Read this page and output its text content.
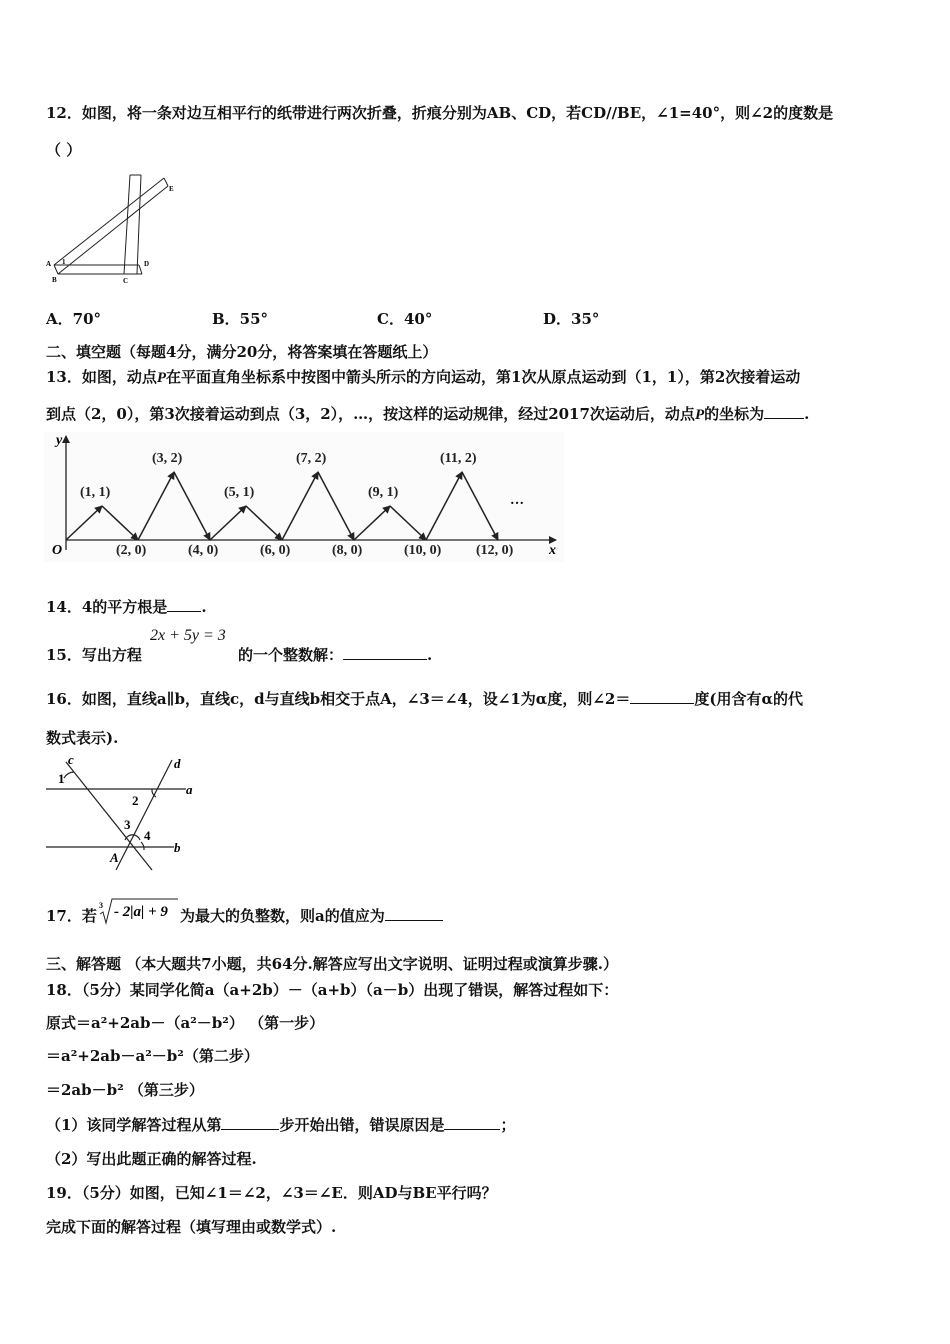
12．如图，将一条对边互相平行的纸带进行两次折叠，折痕分别为AB、CD，若CD//BE，∠1=40°，则∠2的度数是
（ ）
A
B	C
D
E
1
A．70°	B．55°	C．40°	D．35°
二、填空题（每题4分，满分20分，将答案填在答题纸上）
13．如图，动点P在平面直角坐标系中按图中箭头所示的方向运动，第1次从原点运动到（1，1），第2次接着运动
到点（2，0），第3次接着运动到点（3，2），…，按这样的运动规律，经过2017次运动后，动点P的坐标为	.
(1, 1)
(2, 0)
(3, 2)
(4, 0)
(5, 1)
(6, 0)
(7, 2)
(8, 0)
(9, 1)
(10, 0)
(11, 2)
(12, 0)
y
x
O
…
14．4的平方根是 .
15．写出方程
2x + 5y = 3
的一个整数解：	.
16．如图，直线a∥b，直线c，d与直线b相交于点A，∠3＝∠4，设∠1为α度，则∠2＝	度(用含有α的代
数式表示).
1
2
3
4
c	d
a
b
A
17．若
3 - 2|a| + 9 为最大的负整数，则a的值应为
三、解答题 （本大题共7小题，共64分.解答应写出文字说明、证明过程或演算步骤.）
18．（5分）某同学化简a（a+2b）－（a+b）（a－b）出现了错误，解答过程如下：
原式＝a²+2ab－（a²－b²） （第一步）
＝a²+2ab－a²－b²（第二步）
＝2ab－b² （第三步）
（1）该同学解答过程从第	步开始出错，错误原因是	；
（2）写出此题正确的解答过程.
19．（5分）如图，已知∠1＝∠2，∠3＝∠E．则AD与BE平行吗？
完成下面的解答过程（填写理由或数学式）.
